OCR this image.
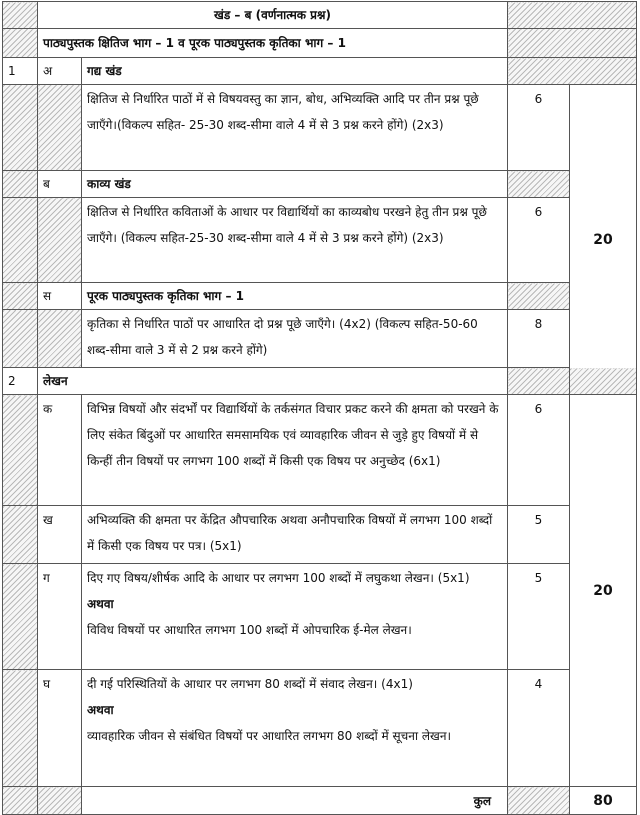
	खंड – ब (वर्णनात्मक प्रश्न)			
	पाठ्यपुस्तक क्षितिज भाग – 1 व पूरक पाठ्यपुस्तक कृतिका भाग – 1			
1	अ	गद्य खंड		
		क्षितिज से निर्धारित पाठों में से विषयवस्तु का ज्ञान, बोध, अभिव्यक्ति आदि पर तीन प्रश्न पूछे जाएँगे।(विकल्प सहित- 25-30 शब्द-सीमा वाले 4 में से 3 प्रश्न करने होंगे) (2x3)	6	20
	ब	काव्य खंड		
		क्षितिज से निर्धारित कविताओं के आधार पर विद्यार्थियों का काव्यबोध परखने हेतु तीन प्रश्न पूछे जाएँगे। (विकल्प सहित-25-30 शब्द-सीमा वाले 4 में से 3 प्रश्न करने होंगे) (2x3)	6	
	स	पूरक पाठ्यपुस्तक कृतिका भाग – 1		
		कृतिका से निर्धारित पाठों पर आधारित दो प्रश्न पूछे जाएँगे। (4x2) (विकल्प सहित-50-60 शब्द-सीमा वाले 3 में से 2 प्रश्न करने होंगे)	8	
2	लेखन			
	क	विभिन्न विषयों और संदर्भों पर विद्यार्थियों के तर्कसंगत विचार प्रकट करने की क्षमता को परखने के लिए संकेत बिंदुओं पर आधारित समसामयिक एवं व्यावहारिक जीवन से जुड़े हुए विषयों में से किन्हीं तीन विषयों पर लगभग 100 शब्दों में किसी एक विषय पर अनुच्छेद (6x1)	6	20
	ख	अभिव्यक्ति की क्षमता पर केंद्रित औपचारिक अथवा अनौपचारिक विषयों में लगभग 100 शब्दों में किसी एक विषय पर पत्र। (5x1)	5	
	ग	दिए गए विषय/शीर्षक आदि के आधार पर लगभग 100 शब्दों में लघुकथा लेखन। (5x1)
अथवा
विविध विषयों पर आधारित लगभग 100 शब्दों में ओपचारिक ई-मेल लेखन।	5	
	घ	दी गई परिस्थितियों के आधार पर लगभग 80 शब्दों में संवाद लेखन। (4x1)
अथवा
व्यावहारिक जीवन से संबंधित विषयों पर आधारित लगभग 80 शब्दों में सूचना लेखन।	4	
		कुल		80
